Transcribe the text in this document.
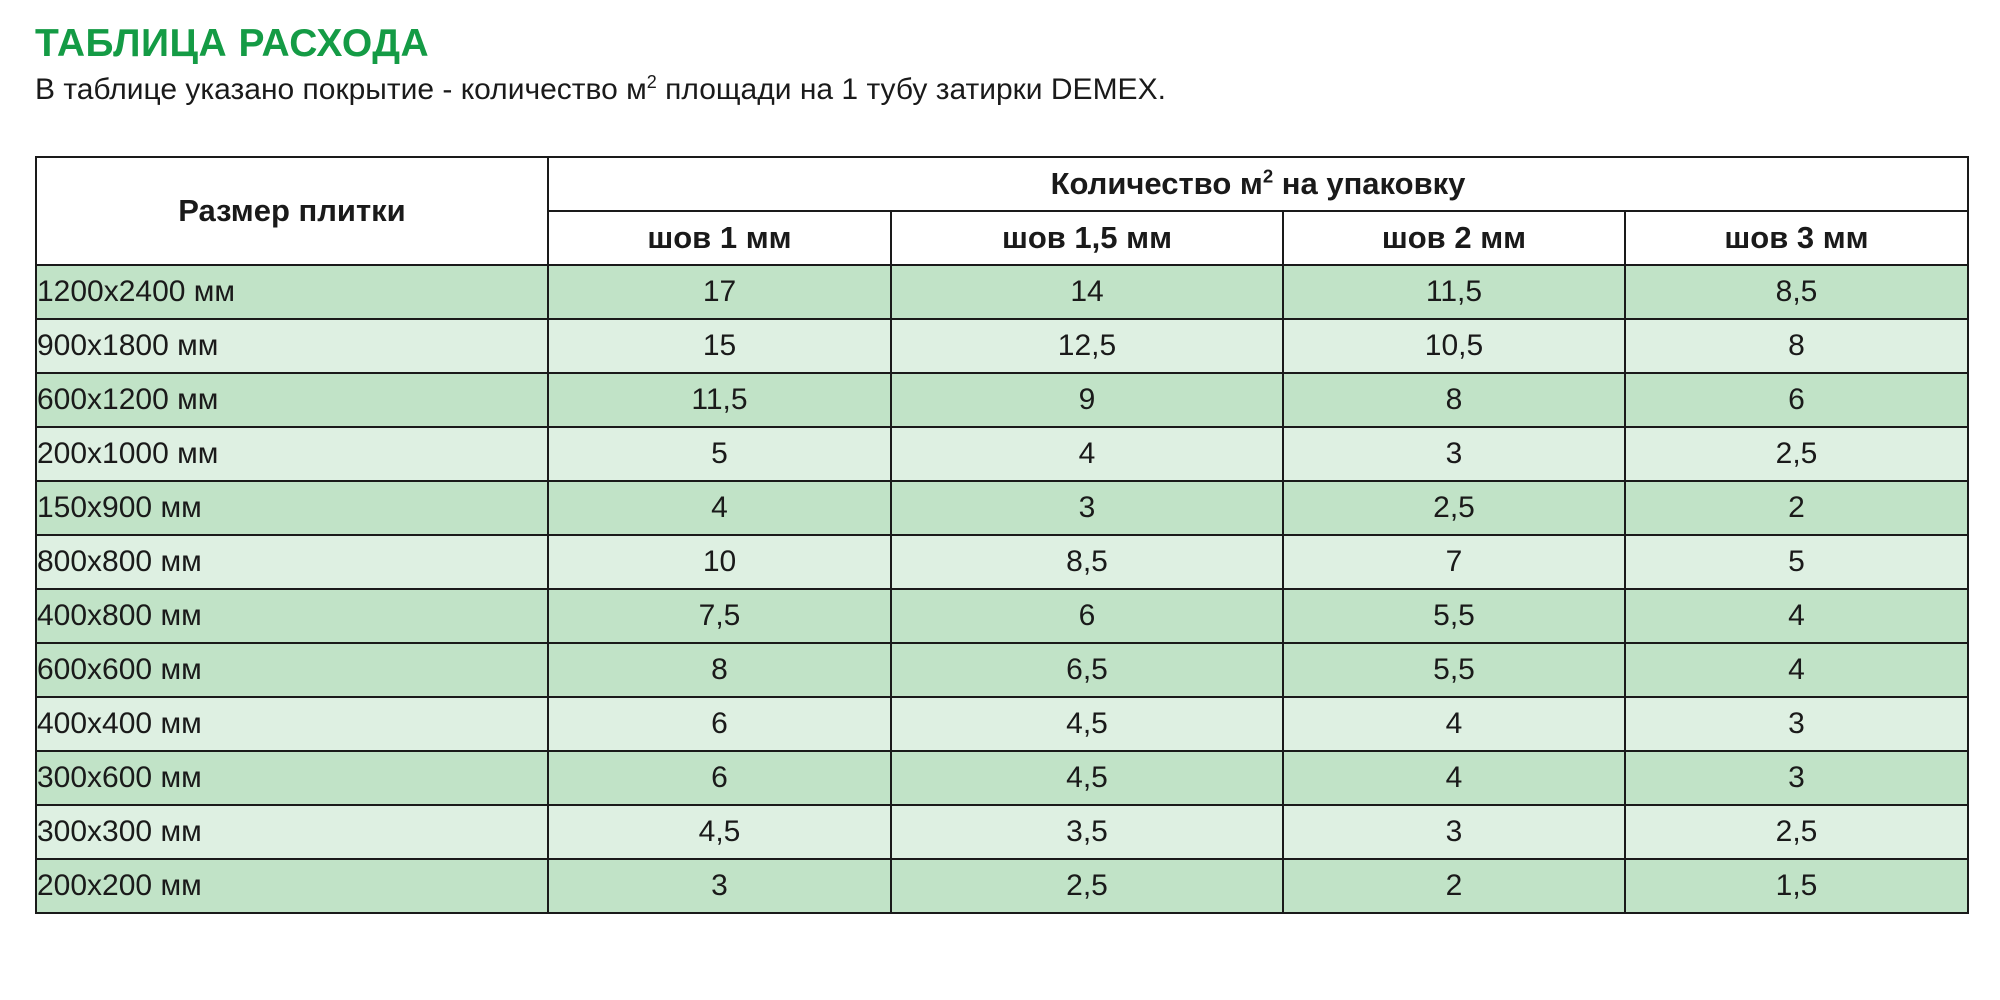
ТАБЛИЦА РАСХОДА
В таблице указано покрытие - количество $м^2$ площади на 1 тубу затирки DEMEX.
Размер плитки	Количество $м^2$ на упаковку			
	шов 1 мм	шов 1,5 мм	шов 2 мм	шов 3 мм
1200x2400 мм	17	14	11,5	8,5
900x1800 мм	15	12,5	10,5	8
600x1200 мм	11,5	9	8	6
200x1000 мм	5	4	3	2,5
150x900 мм	4	3	2,5	2
800x800 мм	10	8,5	7	5
400x800 мм	7,5	6	5,5	4
600x600 мм	8	6,5	5,5	4
400x400 мм	6	4,5	4	3
300x600 мм	6	4,5	4	3
300x300 мм	4,5	3,5	3	2,5
200x200 мм	3	2,5	2	1,5
